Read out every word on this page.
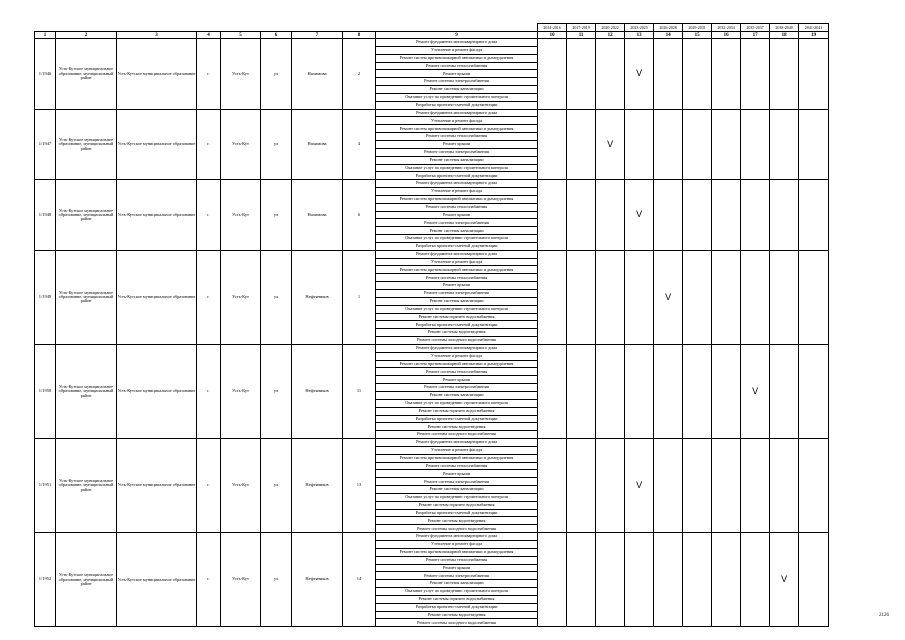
									2014-2016	2017-2019	2020-2022	2023-2025	2026-2028	2029-2031	2032-2034	2035-2037	2038-2040	2041-2043
1	2	3	4	5	6	7	8	9	10	11	12	13	14	15	16	17	18	19
1/1946	Усть-Кутское муниципальное образование, муниципальный район	Усть-Кутское муниципальное образование	г.	Усть-Кут	ул	Нахимова	2	Ремонт фундамента многоквартирного дома				V						
								Утепление и ремонт фасада										
								Ремонт систем противопожарной автоматики и дымоудаления										
								Ремонт системы теплоснабжения										
								Ремонт крыши										
								Ремонт системы электроснабжения										
								Ремонт системы канализации										
								Оказание услуг по проведению строительного контроля										
								Разработка проектно-сметной документации										
1/1947	Усть-Кутское муниципальное образование, муниципальный район	Усть-Кутское муниципальное образование	г.	Усть-Кут	ул	Нахимова	4	Ремонт фундамента многоквартирного дома			V							
								Утепление и ремонт фасада										
								Ремонт систем противопожарной автоматики и дымоудаления										
								Ремонт системы теплоснабжения										
								Ремонт крыши										
								Ремонт системы электроснабжения										
								Ремонт системы канализации										
								Оказание услуг по проведению строительного контроля										
								Разработка проектно-сметной документации										
1/1948	Усть-Кутское муниципальное образование, муниципальный район	Усть-Кутское муниципальное образование	г.	Усть-Кут	ул	Нахимова	6	Ремонт фундамента многоквартирного дома				V						
								Утепление и ремонт фасада										
								Ремонт систем противопожарной автоматики и дымоудаления										
								Ремонт системы теплоснабжения										
								Ремонт крыши										
								Ремонт системы электроснабжения										
								Ремонт системы канализации										
								Оказание услуг по проведению строительного контроля										
								Разработка проектно-сметной документации										
1/1949	Усть-Кутское муниципальное образование, муниципальный район	Усть-Кутское муниципальное образование	г.	Усть-Кут	ул	Нефтяников	1	Ремонт фундамента многоквартирного дома					V					
								Утепление и ремонт фасада										
								Ремонт систем противопожарной автоматики и дымоудаления										
								Ремонт системы теплоснабжения										
								Ремонт крыши										
								Ремонт системы электроснабжения										
								Ремонт системы канализации										
								Оказание услуг по проведению строительного контроля										
								Ремонт системы горячего водоснабжения										
								Разработка проектно-сметной документации										
								Ремонт системы водоотведения										
								Ремонт системы холодного водоснабжения										
1/1950	Усть-Кутское муниципальное образование, муниципальный район	Усть-Кутское муниципальное образование	г.	Усть-Кут	ул	Нефтяников	11	Ремонт фундамента многоквартирного дома								V		
								Утепление и ремонт фасада										
								Ремонт систем противопожарной автоматики и дымоудаления										
								Ремонт системы теплоснабжения										
								Ремонт крыши										
								Ремонт системы электроснабжения										
								Ремонт системы канализации										
								Оказание услуг по проведению строительного контроля										
								Ремонт системы горячего водоснабжения										
								Разработка проектно-сметной документации										
								Ремонт системы водоотведения										
								Ремонт системы холодного водоснабжения										
1/1951	Усть-Кутское муниципальное образование, муниципальный район	Усть-Кутское муниципальное образование	г.	Усть-Кут	ул	Нефтяников	13	Ремонт фундамента многоквартирного дома				V						
								Утепление и ремонт фасада										
								Ремонт систем противопожарной автоматики и дымоудаления										
								Ремонт системы теплоснабжения										
								Ремонт крыши										
								Ремонт системы электроснабжения										
								Ремонт системы канализации										
								Оказание услуг по проведению строительного контроля										
								Ремонт системы горячего водоснабжения										
								Разработка проектно-сметной документации										
								Ремонт системы водоотведения										
								Ремонт системы холодного водоснабжения										
1/1952	Усть-Кутское муниципальное образование, муниципальный район	Усть-Кутское муниципальное образование	г.	Усть-Кут	ул	Нефтяников	14	Ремонт фундамента многоквартирного дома									V	
								Утепление и ремонт фасада										
								Ремонт систем противопожарной автоматики и дымоудаления										
								Ремонт системы теплоснабжения										
								Ремонт крыши										
								Ремонт системы электроснабжения										
								Ремонт системы канализации										
								Оказание услуг по проведению строительного контроля										
								Ремонт системы горячего водоснабжения										
								Разработка проектно-сметной документации										
								Ремонт системы водоотведения										
								Ремонт системы холодного водоснабжения										
2126
